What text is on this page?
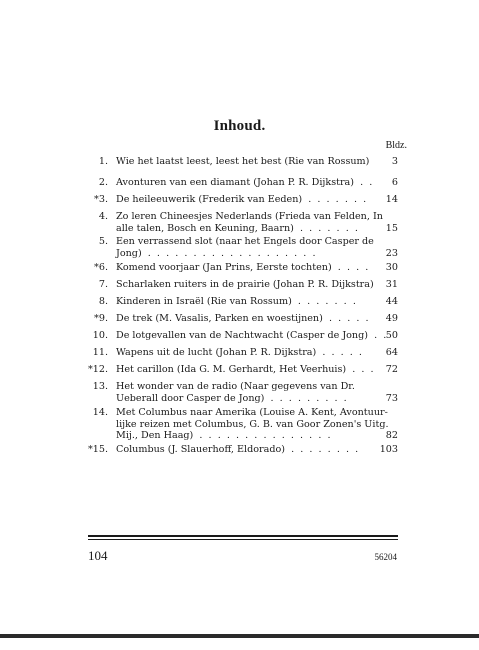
Inhoud.
Bldz.
1. Wie het laatst leest, leest het best (Rie van Rossum)	3
2. Avonturen van een diamant (Johan P. R. Dijkstra)  .  .	6
*3. De heileeuwerik (Frederik van Eeden)  .  .  .  .  .  .  .	14
4. Zo leren Chineesjes Nederlands (Frieda van Felden, In
alle talen, Bosch en Keuning, Baarn)  .  .  .  .  .  .  .	15
5. Een verrassend slot (naar het Engels door Casper de
Jong)  .  .  .  .  .  .  .  .  .  .  .  .  .  .  .  .  .  .  .	23
*6. Komend voorjaar (Jan Prins, Eerste tochten)  .  .  .  .	30
7. Scharlaken ruiters in de prairie (Johan P. R. Dijkstra)	31
8. Kinderen in Israël (Rie van Rossum)  .  .  .  .  .  .  .	44
*9. De trek (M. Vasalis, Parken en woestijnen)  .  .  .  .  .	49
10. De lotgevallen van de Nachtwacht (Casper de Jong)  .  . 50
11. Wapens uit de lucht (Johan P. R. Dijkstra)  .  .  .  .  .	64
*12. Het carillon (Ida G. M. Gerhardt, Het Veerhuis)  .  .  .	72
13. Het wonder van de radio (Naar gegevens van Dr.
Ueberall door Casper de Jong)  .  .  .  .  .  .  .  .  .	73
14. Met Columbus naar Amerika (Louise A. Kent, Avontuur-
lijke reizen met Columbus, G. B. van Goor Zonen's Uitg.
Mij., Den Haag)  .  .  .  .  .  .  .  .  .  .  .  .  .  .  .	82
*15. Columbus (J. Slauerhoff, Eldorado)  .  .  .  .  .  .  .  .	103
104	56204
